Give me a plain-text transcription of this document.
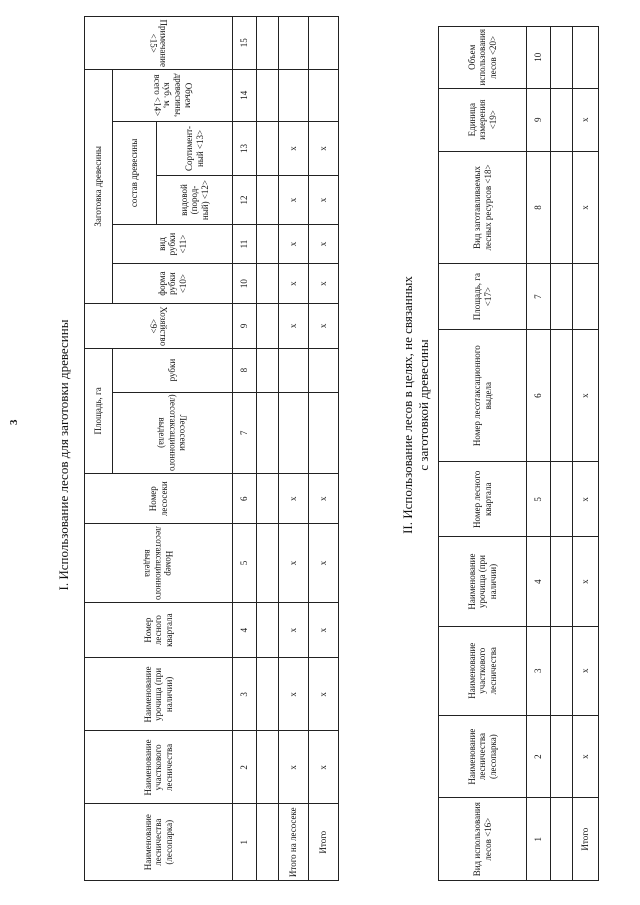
3	I. Использование лесов для заготовки древесины
Наименование лесничества (лесопарка)	Наименование участкового лесничества	Наименование урочища (при наличии)	Номер лесного квартала	Номер лесотаксационного выдела	Номер лесосеки	Площадь, га		Хозяйство <9>	Заготовка древесины					Примечание <15>
						Лесосеки (лесотаксационного выдела)	рубки		форма рубки <10>	вид рубки <11>	состав древесины		Объем древесины, куб. м, всего <14>	
											видовой (пород-ный) <12>	Сортимент-ный <13>		
1	2	3	4	5	6	7	8	9	10	11	12	13	14	15

Итого на лесосеке	х	х	х	х	х			х	х	х	х	х		
Итого	х	х	х	х	х			х	х	х	х	х		
II. Использование лесов в целях, не связанных с заготовкой древесины
Вид использования лесов <16>	Наименование лесничества (лесопарка)	Наименование участкового лесничества	Наименование урочища (при наличии)	Номер лесного квартала	Номер лесотаксационного выдела	Площадь, га <17>	Вид заготавливаемых лесных ресурсов <18>	Единица измерения <19>	Объем использования лесов <20>
1	2	3	4	5	6	7	8	9	10

Итого	х	х	х	х	х		х	х	
